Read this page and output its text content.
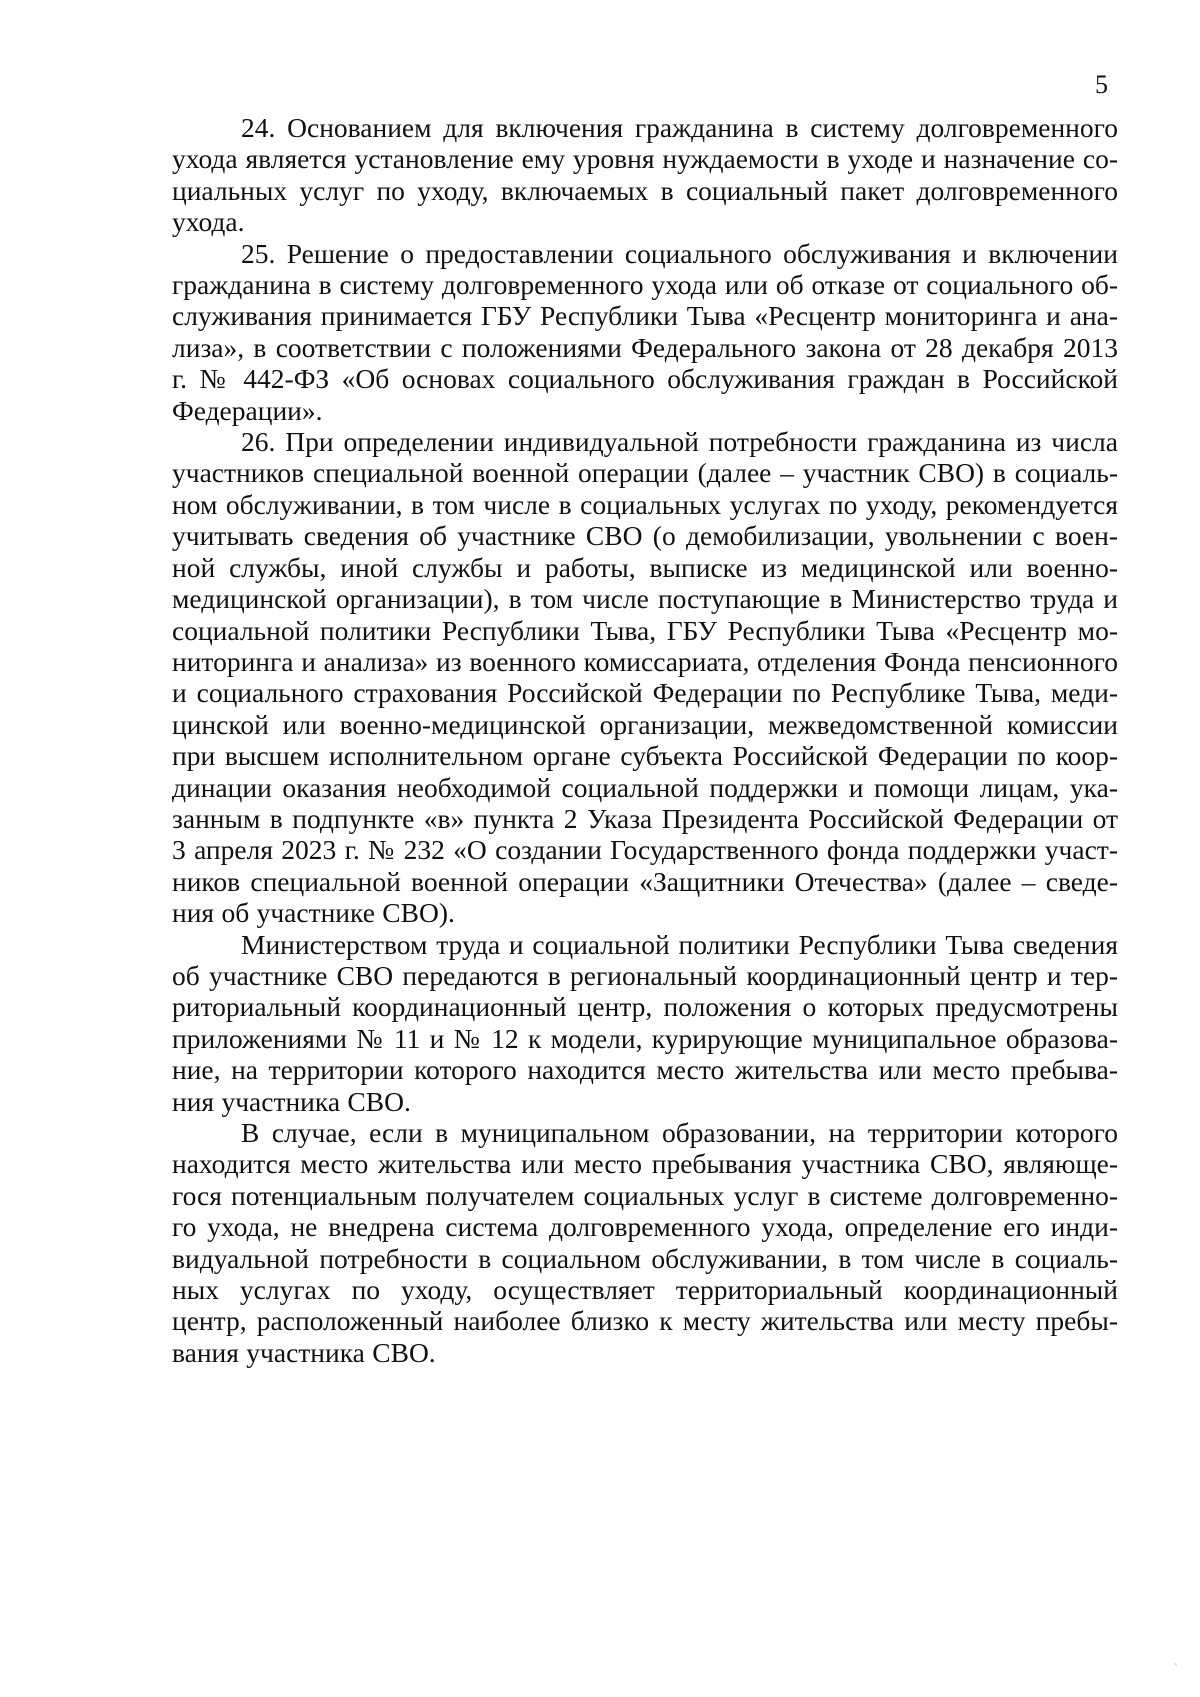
5

24. Основанием для включения гражданина в систему долговременного ухода является установление ему уровня нуждаемости в уходе и назначение социальных услуг по уходу, включаемых в социальный пакет долговременного ухода.

25. Решение о предоставлении социального обслуживания и включении гражданина в систему долговременного ухода или об отказе от социального обслуживания принимается ГБУ Республики Тыва «Ресцентр мониторинга и анализа», в соответствии с положениями Федерального закона от 28 декабря 2013 г. № 442-ФЗ «Об основах социального обслуживания граждан в Российской Федерации».

26. При определении индивидуальной потребности гражданина из числа участников специальной военной операции (далее – участник СВО) в социальном обслуживании, в том числе в социальных услугах по уходу, рекомендуется учитывать сведения об участнике СВО (о демобилизации, увольнении с военной службы, иной службы и работы, выписке из медицинской или военно-медицинской организации), в том числе поступающие в Министерство труда и социальной политики Республики Тыва, ГБУ Республики Тыва «Ресцентр мониторинга и анализа» из военного комиссариата, отделения Фонда пенсионного и социального страхования Российской Федерации по Республике Тыва, медицинской или военно-медицинской организации, межведомственной комиссии при высшем исполнительном органе субъекта Российской Федерации по координации оказания необходимой социальной поддержки и помощи лицам, указанным в подпункте «в» пункта 2 Указа Президента Российской Федерации от 3 апреля 2023 г. № 232 «О создании Государственного фонда поддержки участников специальной военной операции «Защитники Отечества» (далее – сведения об участнике СВО).

Министерством труда и социальной политики Республики Тыва сведения об участнике СВО передаются в региональный координационный центр и территориальный координационный центр, положения о которых предусмотрены приложениями № 11 и № 12 к модели, курирующие муниципальное образование, на территории которого находится место жительства или место пребывания участника СВО.

В случае, если в муниципальном образовании, на территории которого находится место жительства или место пребывания участника СВО, являющегося потенциальным получателем социальных услуг в системе долговременного ухода, не внедрена система долговременного ухода, определение его индивидуальной потребности в социальном обслуживании, в том числе в социальных услугах по уходу, осуществляет территориальный координационный центр, расположенный наиболее близко к месту жительства или месту пребывания участника СВО.

ˋ
